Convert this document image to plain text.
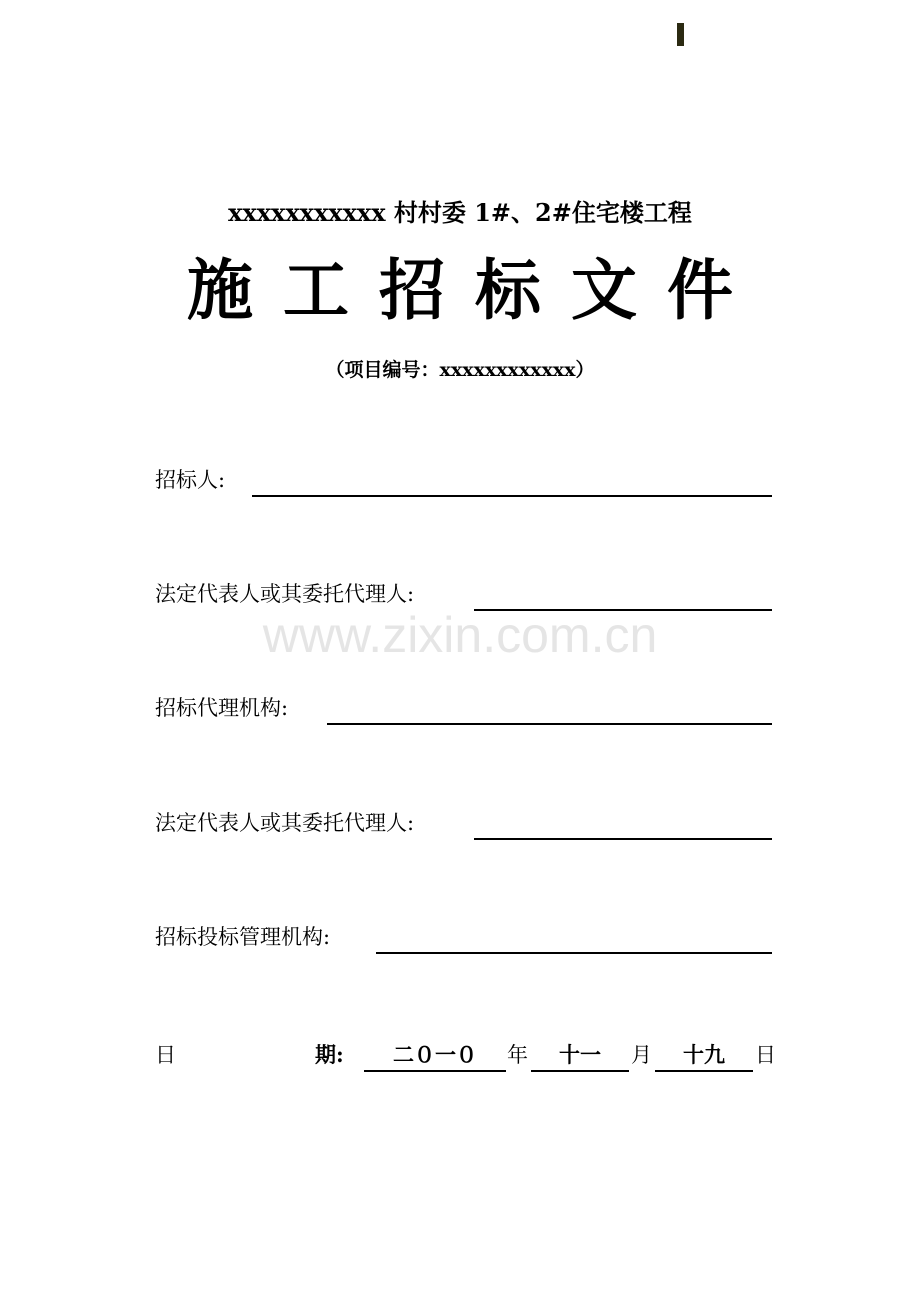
xxxxxxxxxxx 村村委 1#、2#住宅楼工程
施工招标文件
（项目编号：xxxxxxxxxxxx）
招标人:
法定代表人或其委托代理人:
招标代理机构:
法定代表人或其委托代理人:
招标投标管理机构:
日	期:	二０一０	年	十一	月	十九	日
www.zixin.com.cn
